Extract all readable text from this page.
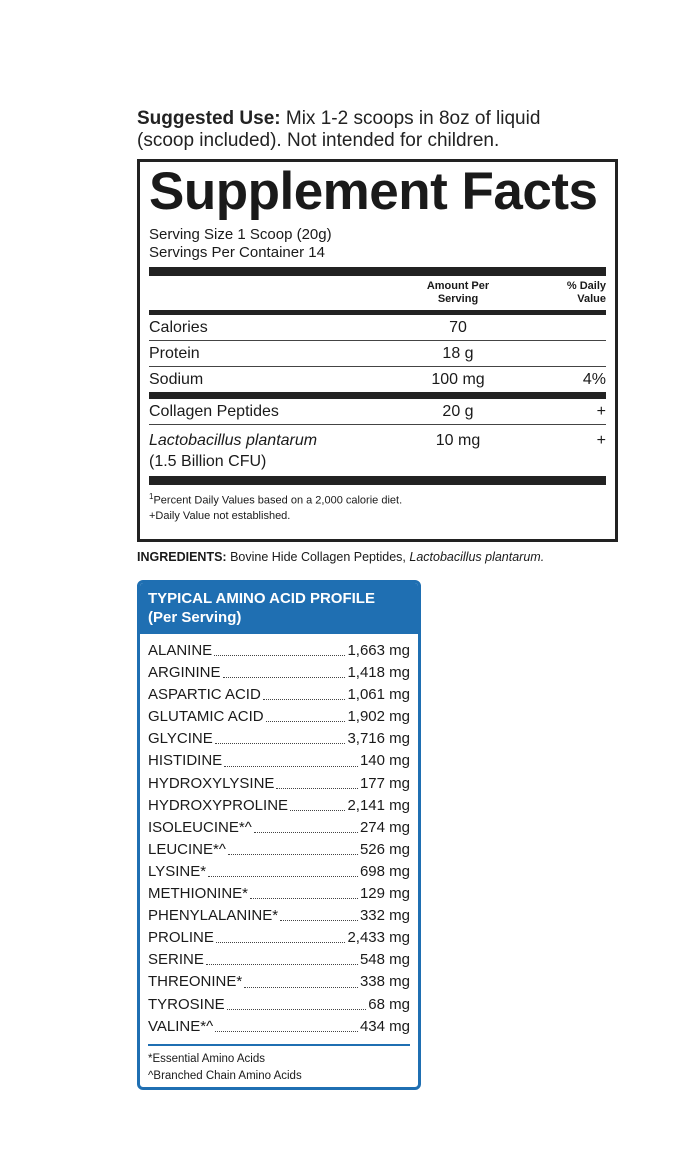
Suggested Use: Mix 1-2 scoops in 8oz of liquid
(scoop included). Not intended for children.
Supplement Facts
Serving Size 1 Scoop (20g)
Servings Per Container 14
Amount Per
Serving
% Daily
Value
Calories	70
Protein	18 g
Sodium	100 mg	4%
Collagen Peptides	20 g	+
Lactobacillus plantarum
(1.5 Billion CFU)
10 mg	+
$^1$Percent Daily Values based on a 2,000 calorie diet.
+Daily Value not established.
INGREDIENTS: Bovine Hide Collagen Peptides, Lactobacillus plantarum.
TYPICAL AMINO ACID PROFILE
(Per Serving)
ALANINE	1,663 mg
ARGININE	1,418 mg
ASPARTIC ACID	1,061 mg
GLUTAMIC ACID	1,902 mg
GLYCINE	3,716 mg
HISTIDINE	140 mg
HYDROXYLYSINE	177 mg
HYDROXYPROLINE	2,141 mg
ISOLEUCINE*^	274 mg
LEUCINE*^	526 mg
LYSINE*	698 mg
METHIONINE*	129 mg
PHENYLALANINE*	332 mg
PROLINE	2,433 mg
SERINE	548 mg
THREONINE*	338 mg
TYROSINE	68 mg
VALINE*^	434 mg
*Essential Amino Acids
^Branched Chain Amino Acids
